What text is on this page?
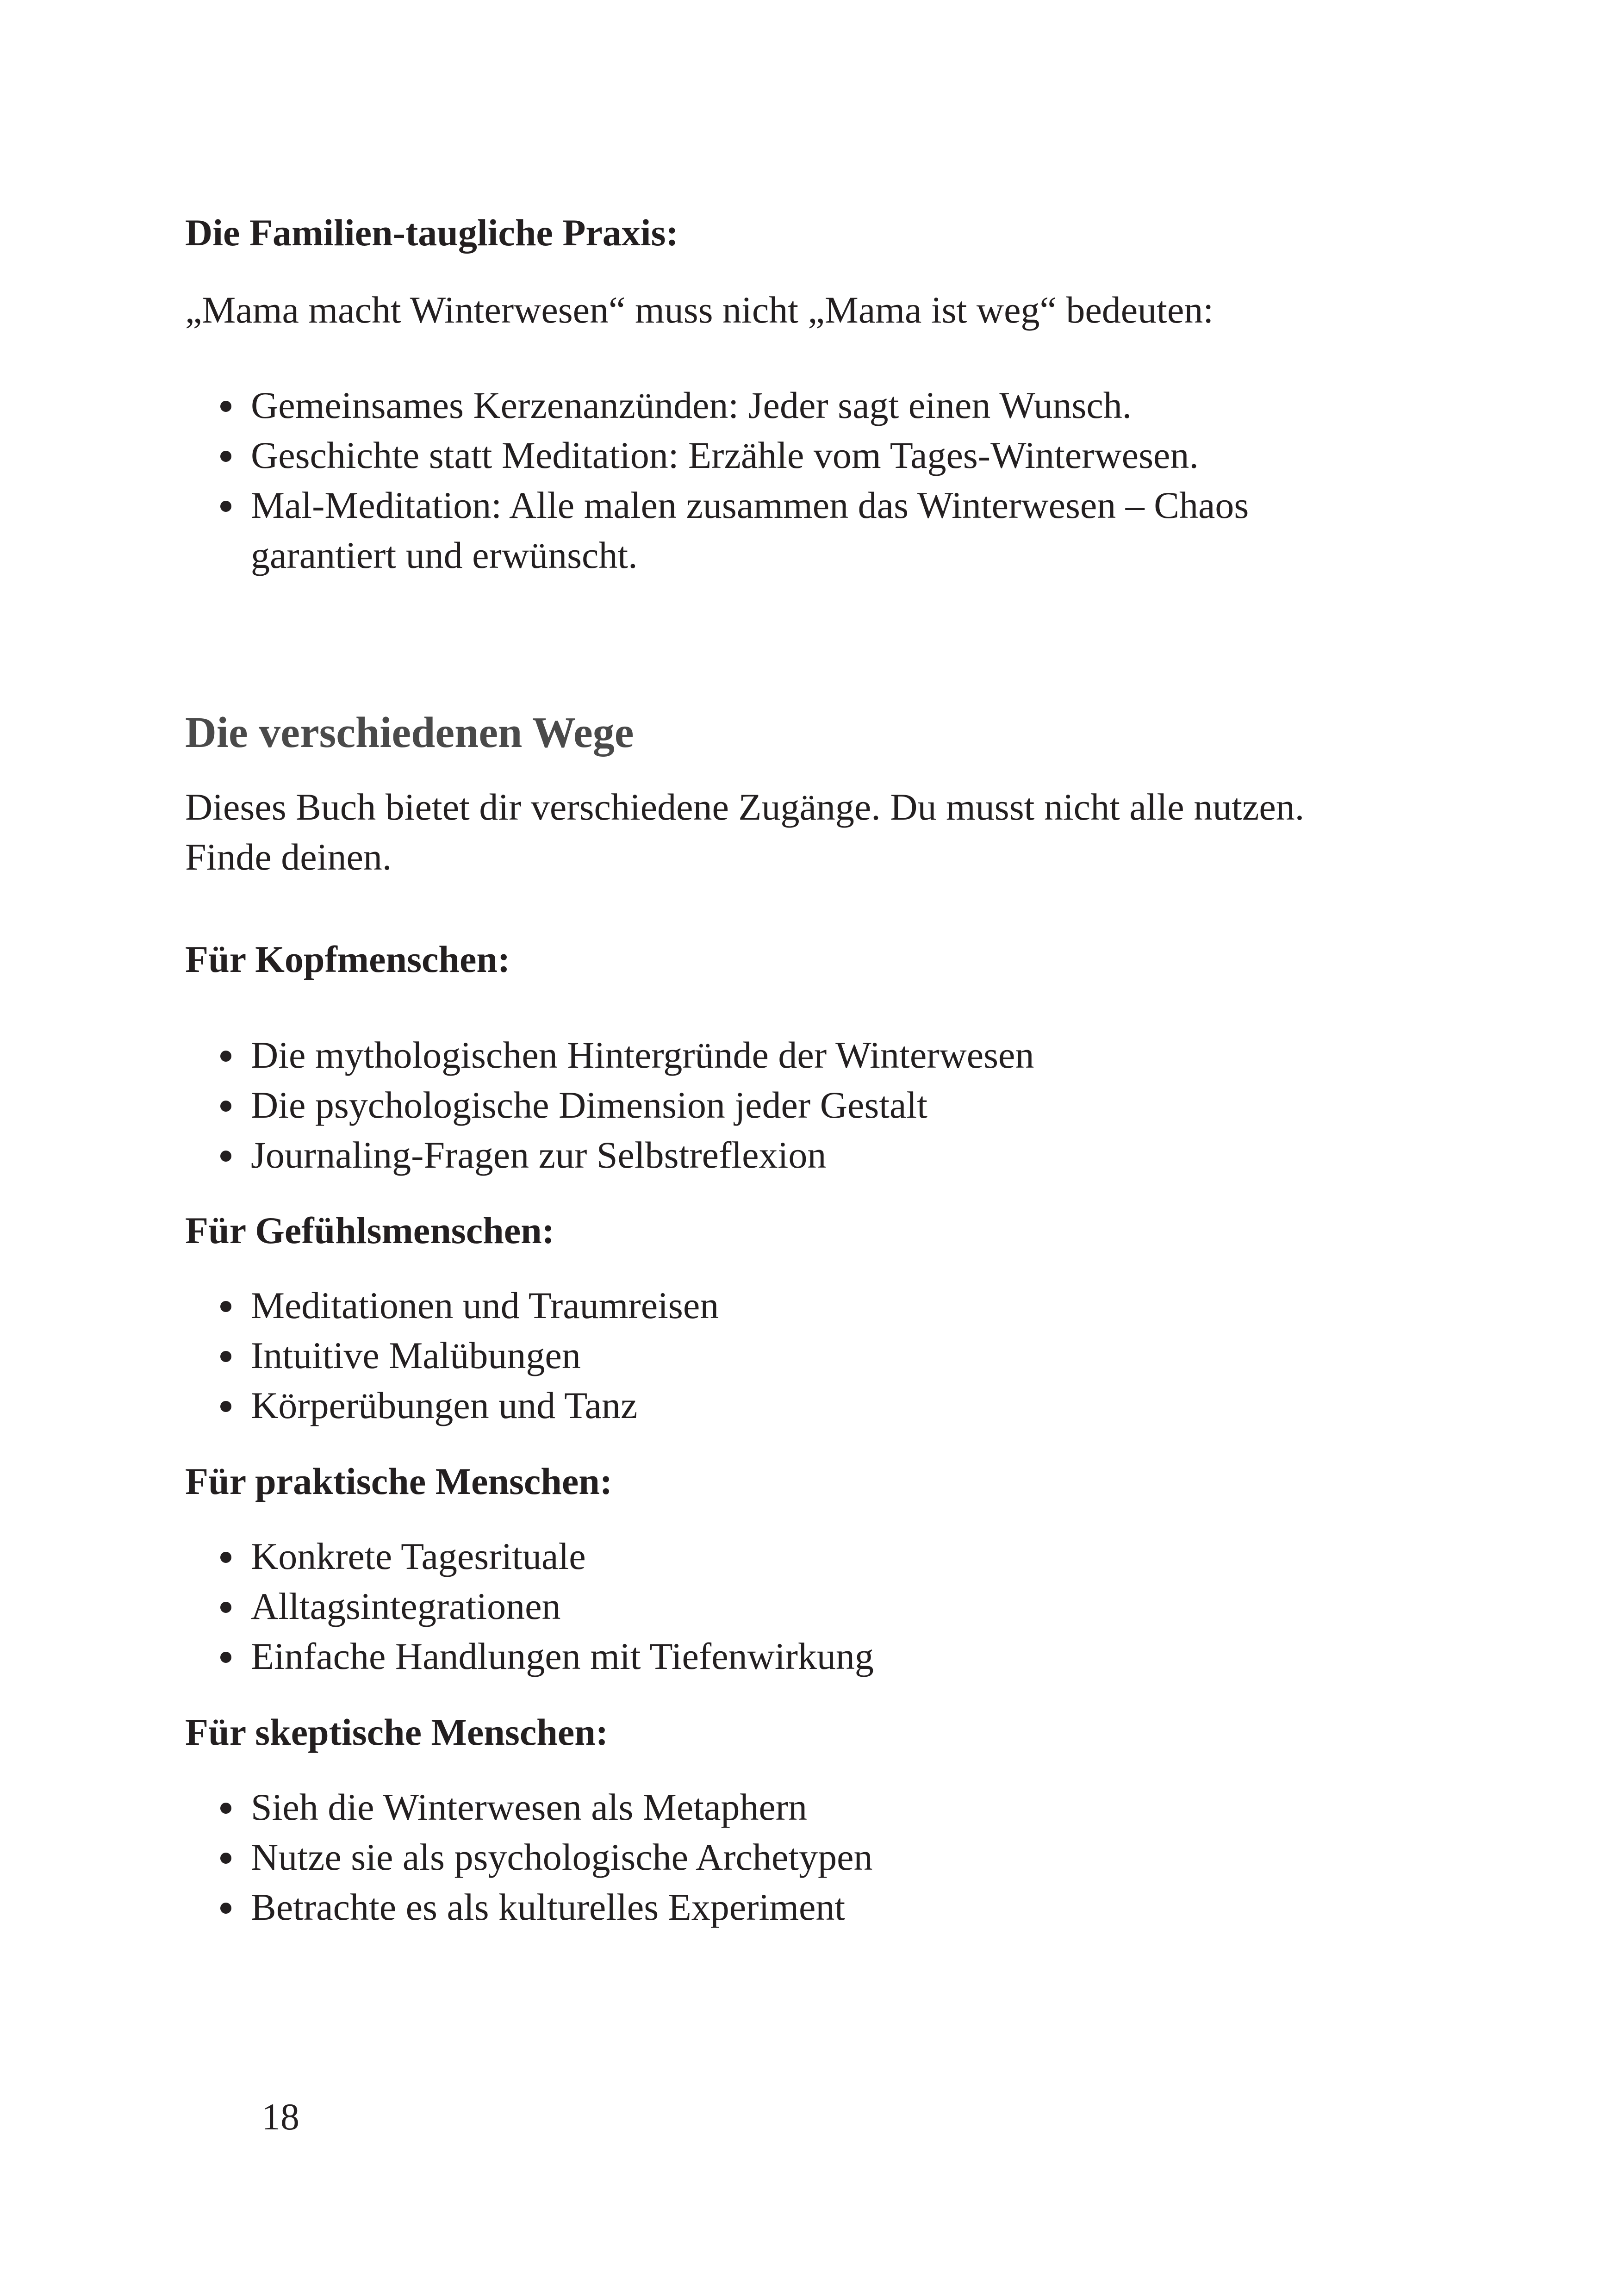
Die Familien-taugliche Praxis:

„Mama macht Winterwesen“ muss nicht „Mama ist weg“ bedeuten:

Gemeinsames Kerzenanzünden: Jeder sagt einen Wunsch.
Geschichte statt Meditation: Erzähle vom Tages-Winterwesen.
Mal-Meditation: Alle malen zusammen das Winterwesen – Chaos garantiert und erwünscht.
Die verschiedenen Wege

Dieses Buch bietet dir verschiedene Zugänge. Du musst nicht alle nutzen. Finde deinen.

Für Kopfmenschen:

Die mythologischen Hintergründe der Winterwesen
Die psychologische Dimension jeder Gestalt
Journaling-Fragen zur Selbstreflexion

Für Gefühlsmenschen:

Meditationen und Traumreisen
Intuitive Malübungen
Körperübungen und Tanz

Für praktische Menschen:

Konkrete Tagesrituale
Alltagsintegrationen
Einfache Handlungen mit Tiefenwirkung

Für skeptische Menschen:

Sieh die Winterwesen als Metaphern
Nutze sie als psychologische Archetypen
Betrachte es als kulturelles Experiment
18
